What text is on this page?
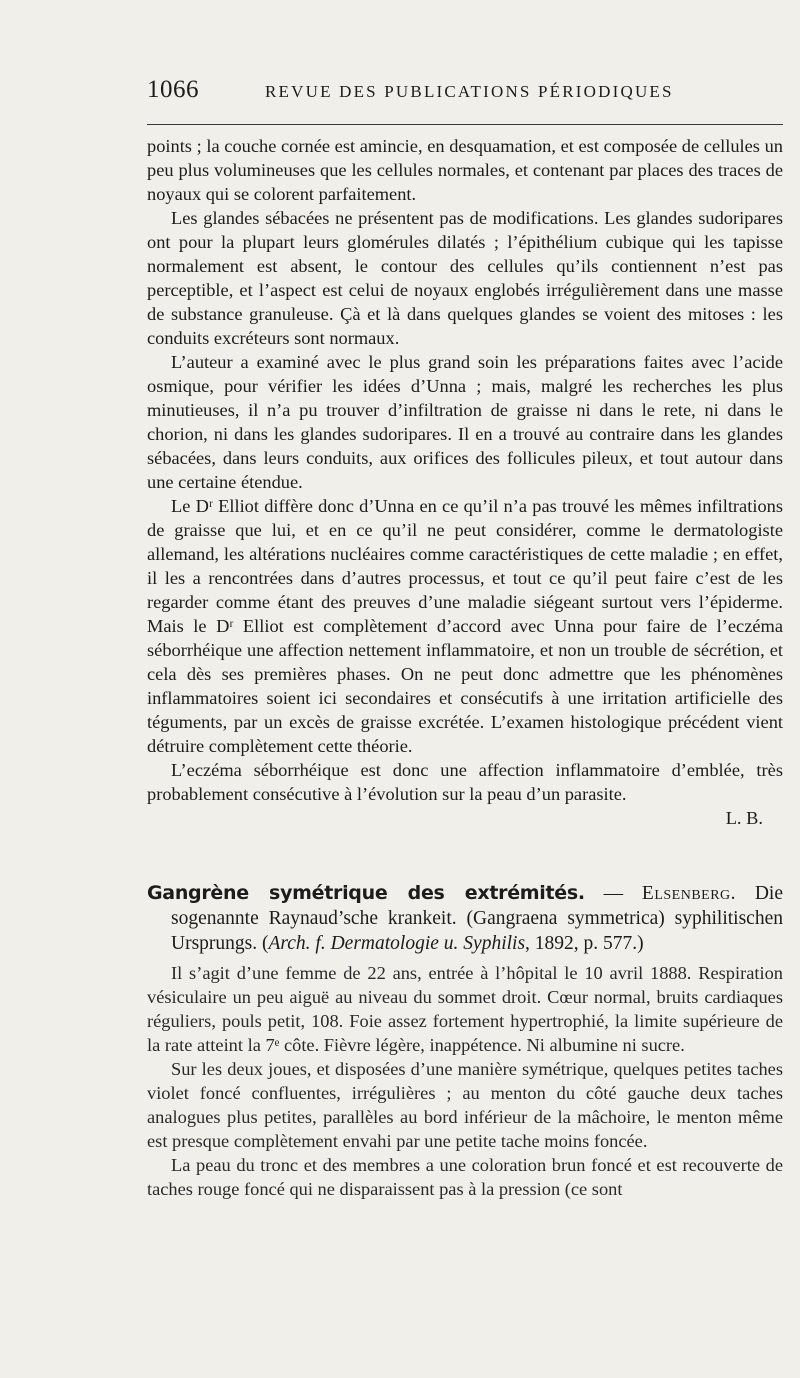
1066	REVUE DES PUBLICATIONS PÉRIODIQUES

points ; la couche cornée est amincie, en desquamation, et est composée de cellules un peu plus volumineuses que les cellules normales, et contenant par places des traces de noyaux qui se colorent parfaitement.

Les glandes sébacées ne présentent pas de modifications. Les glandes sudoripares ont pour la plupart leurs glomérules dilatés ; l’épithélium cubique qui les tapisse normalement est absent, le contour des cellules qu’ils contiennent n’est pas perceptible, et l’aspect est celui de noyaux englobés irrégulièrement dans une masse de substance granuleuse. Çà et là dans quelques glandes se voient des mitoses : les conduits excréteurs sont normaux.

L’auteur a examiné avec le plus grand soin les préparations faites avec l’acide osmique, pour vérifier les idées d’Unna ; mais, malgré les recherches les plus minutieuses, il n’a pu trouver d’infiltration de graisse ni dans le rete, ni dans le chorion, ni dans les glandes sudoripares. Il en a trouvé au contraire dans les glandes sébacées, dans leurs conduits, aux orifices des follicules pileux, et tout autour dans une certaine étendue.

Le Dʳ Elliot diffère donc d’Unna en ce qu’il n’a pas trouvé les mêmes infiltrations de graisse que lui, et en ce qu’il ne peut considérer, comme le dermatologiste allemand, les altérations nucléaires comme caractéristiques de cette maladie ; en effet, il les a rencontrées dans d’autres processus, et tout ce qu’il peut faire c’est de les regarder comme étant des preuves d’une maladie siégeant surtout vers l’épiderme. Mais le Dʳ Elliot est complètement d’accord avec Unna pour faire de l’eczéma séborrhéique une affection nettement inflammatoire, et non un trouble de sécrétion, et cela dès ses premières phases. On ne peut donc admettre que les phénomènes inflammatoires soient ici secondaires et consécutifs à une irritation artificielle des téguments, par un excès de graisse excrétée. L’examen histologique précédent vient détruire complètement cette théorie.

L’eczéma séborrhéique est donc une affection inflammatoire d’emblée, très probablement consécutive à l’évolution sur la peau d’un parasite.

L. B.

Gangrène symétrique des extrémités. — Elsenberg. Die sogenannte Raynaud’sche krankeit. (Gangraena symmetrica) syphilitischen Ursprungs. (Arch. f. Dermatologie u. Syphilis, 1892, p. 577.)

Il s’agit d’une femme de 22 ans, entrée à l’hôpital le 10 avril 1888. Respiration vésiculaire un peu aiguë au niveau du sommet droit. Cœur normal, bruits cardiaques réguliers, pouls petit, 108. Foie assez fortement hypertrophié, la limite supérieure de la rate atteint la 7ᵉ côte. Fièvre légère, inappétence. Ni albumine ni sucre.

Sur les deux joues, et disposées d’une manière symétrique, quelques petites taches violet foncé confluentes, irrégulières ; au menton du côté gauche deux taches analogues plus petites, parallèles au bord inférieur de la mâchoire, le menton même est presque complètement envahi par une petite tache moins foncée.

La peau du tronc et des membres a une coloration brun foncé et est recouverte de taches rouge foncé qui ne disparaissent pas à la pression (ce sont
